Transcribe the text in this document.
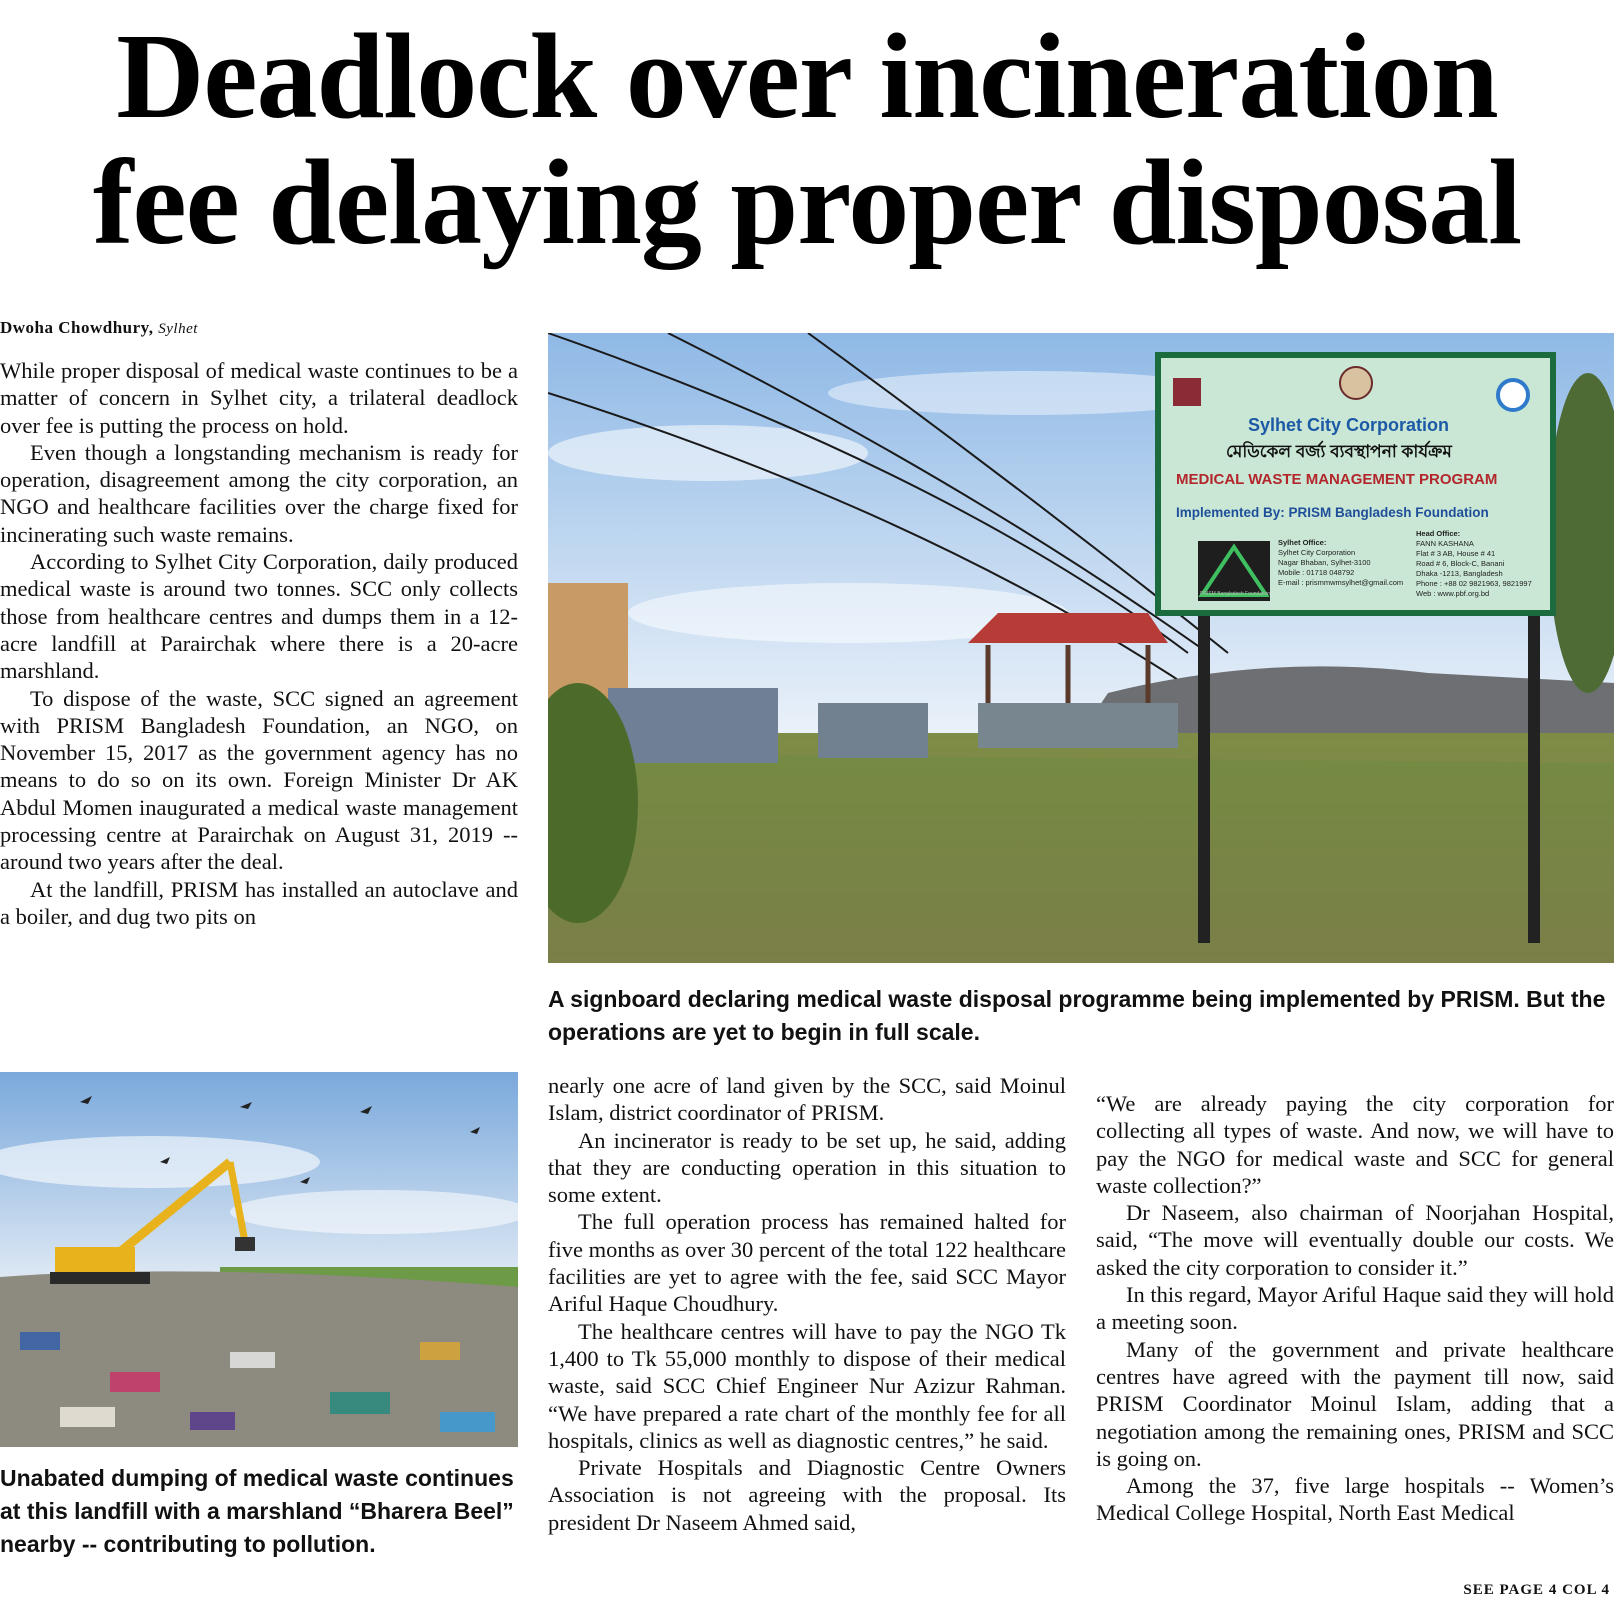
Deadlock over incineration
fee delaying proper disposal
Dwoha Chowdhury, Sylhet

While proper disposal of medical waste continues to be a matter of concern in Sylhet city, a trilateral deadlock over fee is putting the process on hold.

Even though a longstanding mechanism is ready for operation, disagreement among the city corporation, an NGO and healthcare facilities over the charge fixed for incinerating such waste remains.

According to Sylhet City Corporation, daily produced medical waste is around two tonnes. SCC only collects those from healthcare centres and dumps them in a 12-acre landfill at Parairchak where there is a 20-acre marshland.

To dispose of the waste, SCC signed an agreement with PRISM Bangladesh Foundation, an NGO, on November 15, 2017 as the government agency has no means to do so on its own. Foreign Minister Dr AK Abdul Momen inaugurated a medical waste management processing centre at Parairchak on August 31, 2019 -- around two years after the deal.

At the landfill, PRISM has installed an autoclave and a boiler, and dug two pits on

Sylhet City Corporation
মেডিকেল বর্জ্য ব্যবস্থাপনা কার্যক্রম
MEDICAL WASTE MANAGEMENT PROGRAM
Implemented By: PRISM Bangladesh Foundation
Sylhet Office:
Sylhet City Corporation
Nagar Bhaban, Sylhet-3100
Mobile : 01718 048792
E-mail : prismmwmsylhet@gmail.com
Head Office:
FANN KASHANA
Flat # 3 AB, House # 41
Road # 6, Block-C, Banani
Dhaka -1213, Bangladesh
Phone : +88 02 9821963, 9821997
Web : www.pbf.org.bd
PRISM Bangladesh Foundation
A signboard declaring medical waste disposal programme being implemented by PRISM. But the operations are yet to begin in full scale.
Unabated dumping of medical waste continues at this landfill with a marshland “Bharera Beel” nearby -- contributing to pollution.

nearly one acre of land given by the SCC, said Moinul Islam, district coordinator of PRISM.

An incinerator is ready to be set up, he said, adding that they are conducting operation in this situation to some extent.

The full operation process has remained halted for five months as over 30 percent of the total 122 healthcare facilities are yet to agree with the fee, said SCC Mayor Ariful Haque Choudhury.

The healthcare centres will have to pay the NGO Tk 1,400 to Tk 55,000 monthly to dispose of their medical waste, said SCC Chief Engineer Nur Azizur Rahman. “We have prepared a rate chart of the monthly fee for all hospitals, clinics as well as diagnostic centres,” he said.

Private Hospitals and Diagnostic Centre Owners Association is not agreeing with the proposal. Its president Dr Naseem Ahmed said,

“We are already paying the city corporation for collecting all types of waste. And now, we will have to pay the NGO for medical waste and SCC for general waste collection?”

Dr Naseem, also chairman of Noorjahan Hospital, said, “The move will eventually double our costs. We asked the city corporation to consider it.”

In this regard, Mayor Ariful Haque said they will hold a meeting soon.

Many of the government and private healthcare centres have agreed with the payment till now, said PRISM Coordinator Moinul Islam, adding that a negotiation among the remaining ones, PRISM and SCC is going on.

Among the 37, five large hospitals -- Women’s Medical College Hospital, North East Medical

SEE PAGE 4 COL 4
